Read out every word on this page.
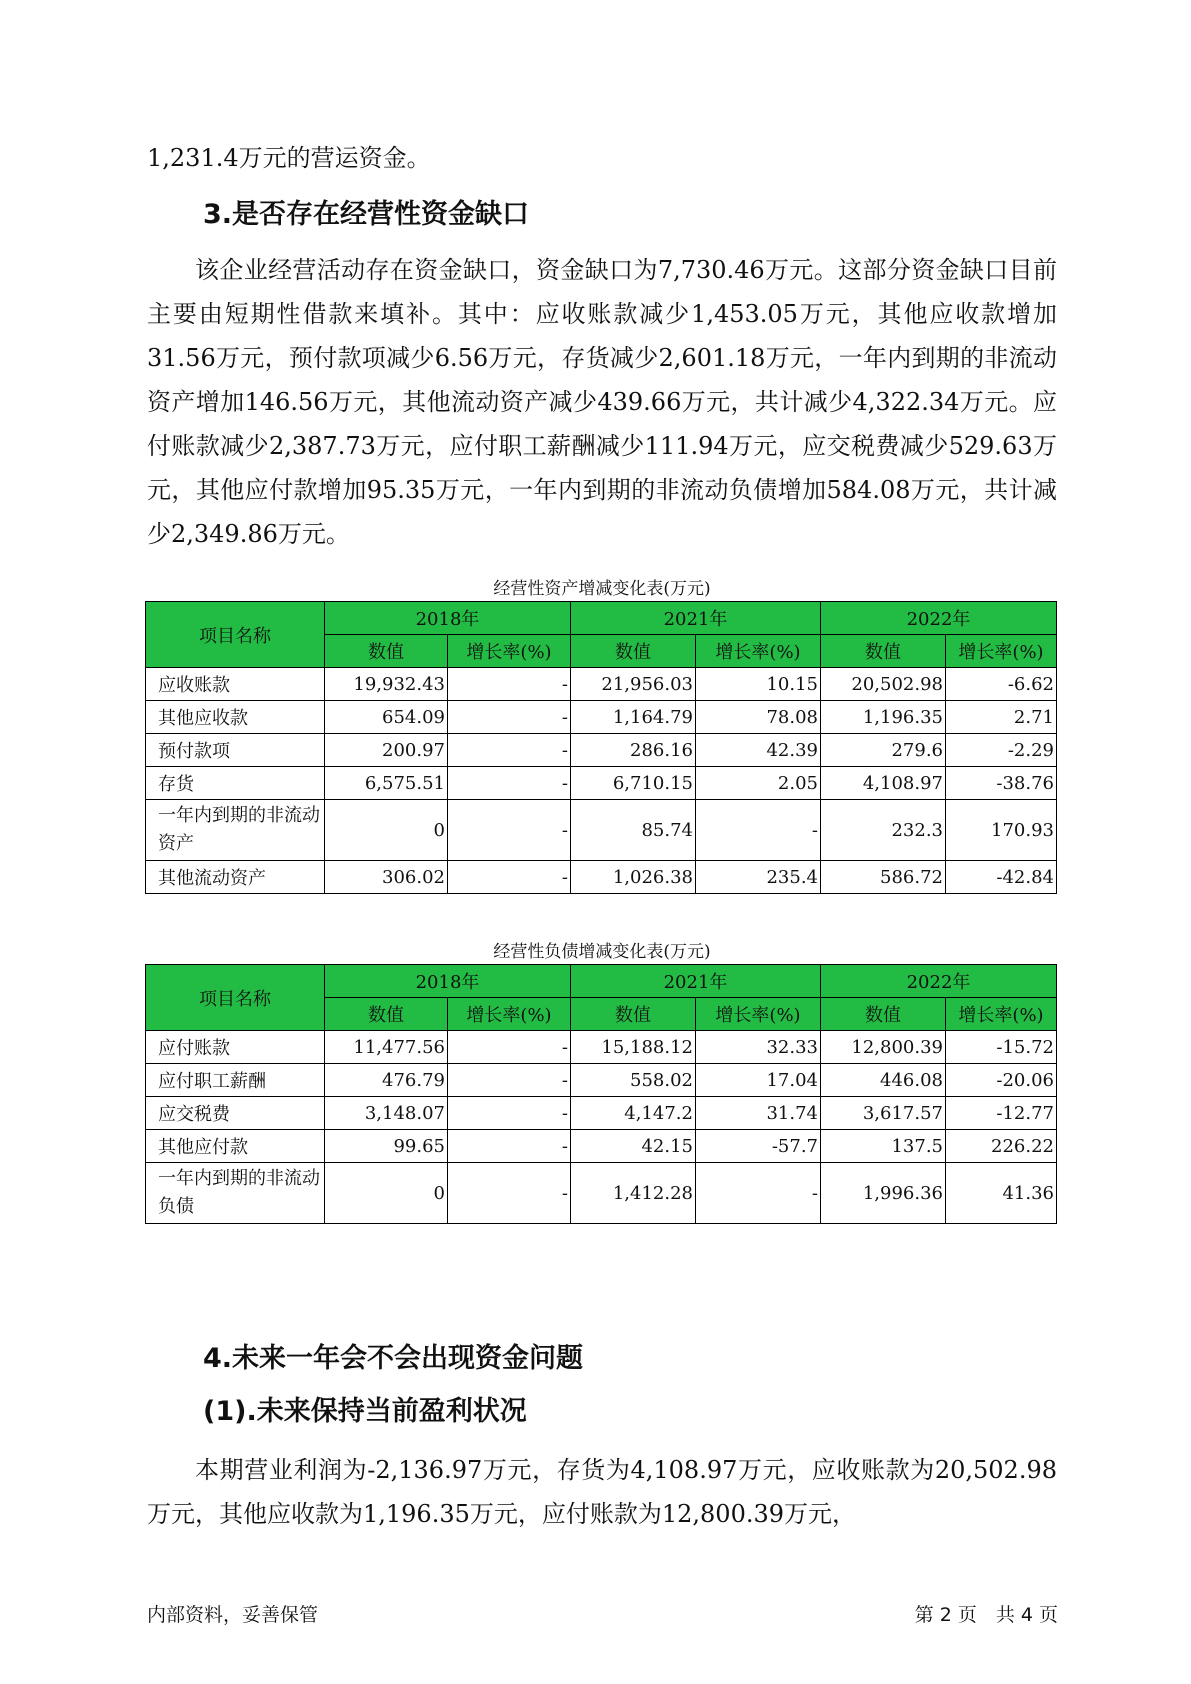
1,231.4万元的营运资金。

3.是否存在经营性资金缺口

该企业经营活动存在资金缺口，资金缺口为7,730.46万元。这部分资金缺口目前主要由短期性借款来填补。其中：应收账款减少1,453.05万元，其他应收款增加31.56万元，预付款项减少6.56万元，存货减少2,601.18万元，一年内到期的非流动资产增加146.56万元，其他流动资产减少439.66万元，共计减少4,322.34万元。应付账款减少2,387.73万元，应付职工薪酬减少111.94万元，应交税费减少529.63万元，其他应付款增加95.35万元，一年内到期的非流动负债增加584.08万元，共计减少2,349.86万元。

经营性资产增减变化表(万元)
项目名称	2018年		2021年		2022年	
	数值	增长率(%)	数值	增长率(%)	数值	增长率(%)
应收账款	19,932.43	-	21,956.03	10.15	20,502.98	-6.62
其他应收款	654.09	-	1,164.79	78.08	1,196.35	2.71
预付款项	200.97	-	286.16	42.39	279.6	-2.29
存货	6,575.51	-	6,710.15	2.05	4,108.97	-38.76
一年内到期的非流动资产	0	-	85.74	-	232.3	170.93
其他流动资产	306.02	-	1,026.38	235.4	586.72	-42.84
经营性负债增减变化表(万元)
项目名称	2018年		2021年		2022年	
	数值	增长率(%)	数值	增长率(%)	数值	增长率(%)
应付账款	11,477.56	-	15,188.12	32.33	12,800.39	-15.72
应付职工薪酬	476.79	-	558.02	17.04	446.08	-20.06
应交税费	3,148.07	-	4,147.2	31.74	3,617.57	-12.77
其他应付款	99.65	-	42.15	-57.7	137.5	226.22
一年内到期的非流动负债	0	-	1,412.28	-	1,996.36	41.36
4.未来一年会不会出现资金问题
(1).未来保持当前盈利状况

本期营业利润为-2,136.97万元，存货为4,108.97万元，应收账款为20,502.98万元，其他应收款为1,196.35万元，应付账款为12,800.39万元，

内部资料，妥善保管	第 2 页　共 4 页
